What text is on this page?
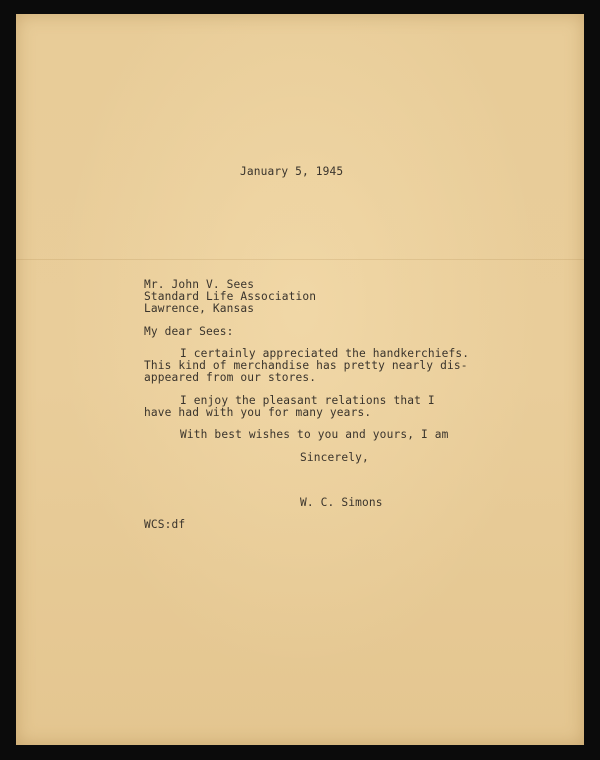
January 5, 1945
Mr. John V. Sees
Standard Life Association
Lawrence, Kansas
My dear Sees:
I certainly appreciated the handkerchiefs.
This kind of merchandise has pretty nearly dis-
appeared from our stores.
I enjoy the pleasant relations that I
have had with you for many years.
With best wishes to you and yours, I am
Sincerely,
W. C. Simons
WCS:df
